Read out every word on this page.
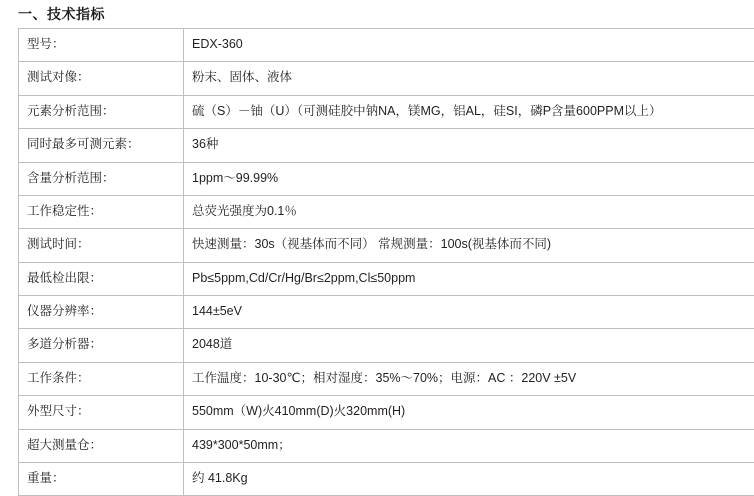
一、技术指标
型号：	EDX-360

测试对像：	粉末、固体、液体

元素分析范围：	硫（S）－铀（U）（可测硅胶中钠NA，镁MG，铝AL，硅SI，磷P含量600PPM以上）

同时最多可测元素：	36种

含量分析范围：	1ppm～99.99%

工作稳定性：	总荧光强度为0.1％

测试时间：	快速测量：30s（视基体而不同） 常规测量：100s(视基体而不同)

最低检出限：	Pb≤5ppm,Cd/Cr/Hg/Br≤2ppm,Cl≤50ppm

仪器分辨率：	144±5eV

多道分析器：	2048道

工作条件：	工作温度：10-30℃；相对湿度：35%～70%；电源：AC ：220V ±5V

外型尺寸：	550mm（W)火410mm(D)火320mm(H)

超大测量仓：	439*300*50mm；

重量：	约 41.8Kg
